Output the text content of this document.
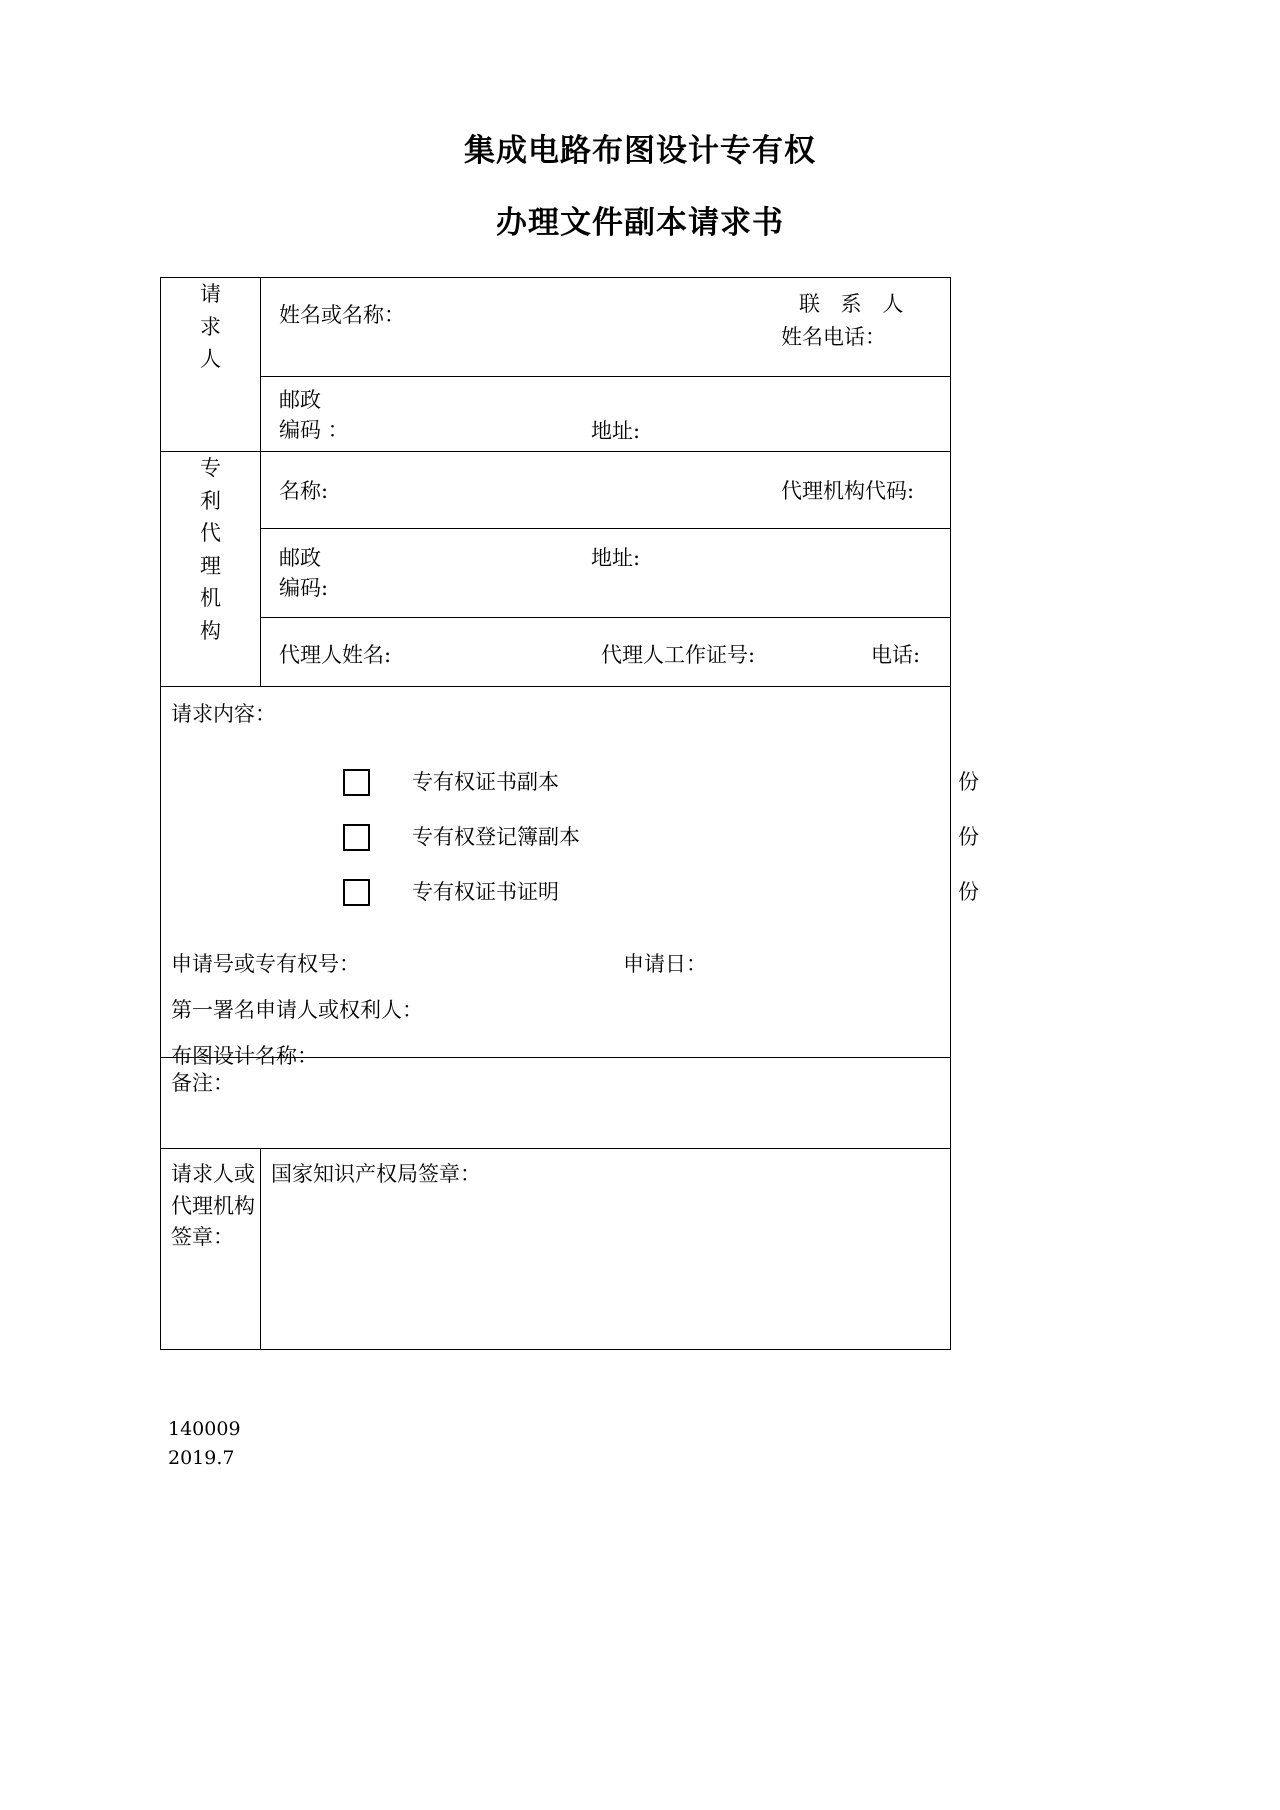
集成电路布图设计专有权
办理文件副本请求书
请
求
人

姓名或名称：	联 系 人
姓名电话：

	邮政
编码 ： 地址:

专
利
代
理
机
构

名称:	代理机构代码:

	邮政
编码:
地址:

	代理人姓名: 代理人工作证号: 电话:

请求内容：
专有权证书副本	份
专有权登记簿副本	份
专有权证书证明	份
申请号或专有权号：	申请日：
第一署名申请人或权利人：
布图设计名称：

备注：	

请求人或代理机构签章：	国家知识产权局签章：
140009
2019.7
